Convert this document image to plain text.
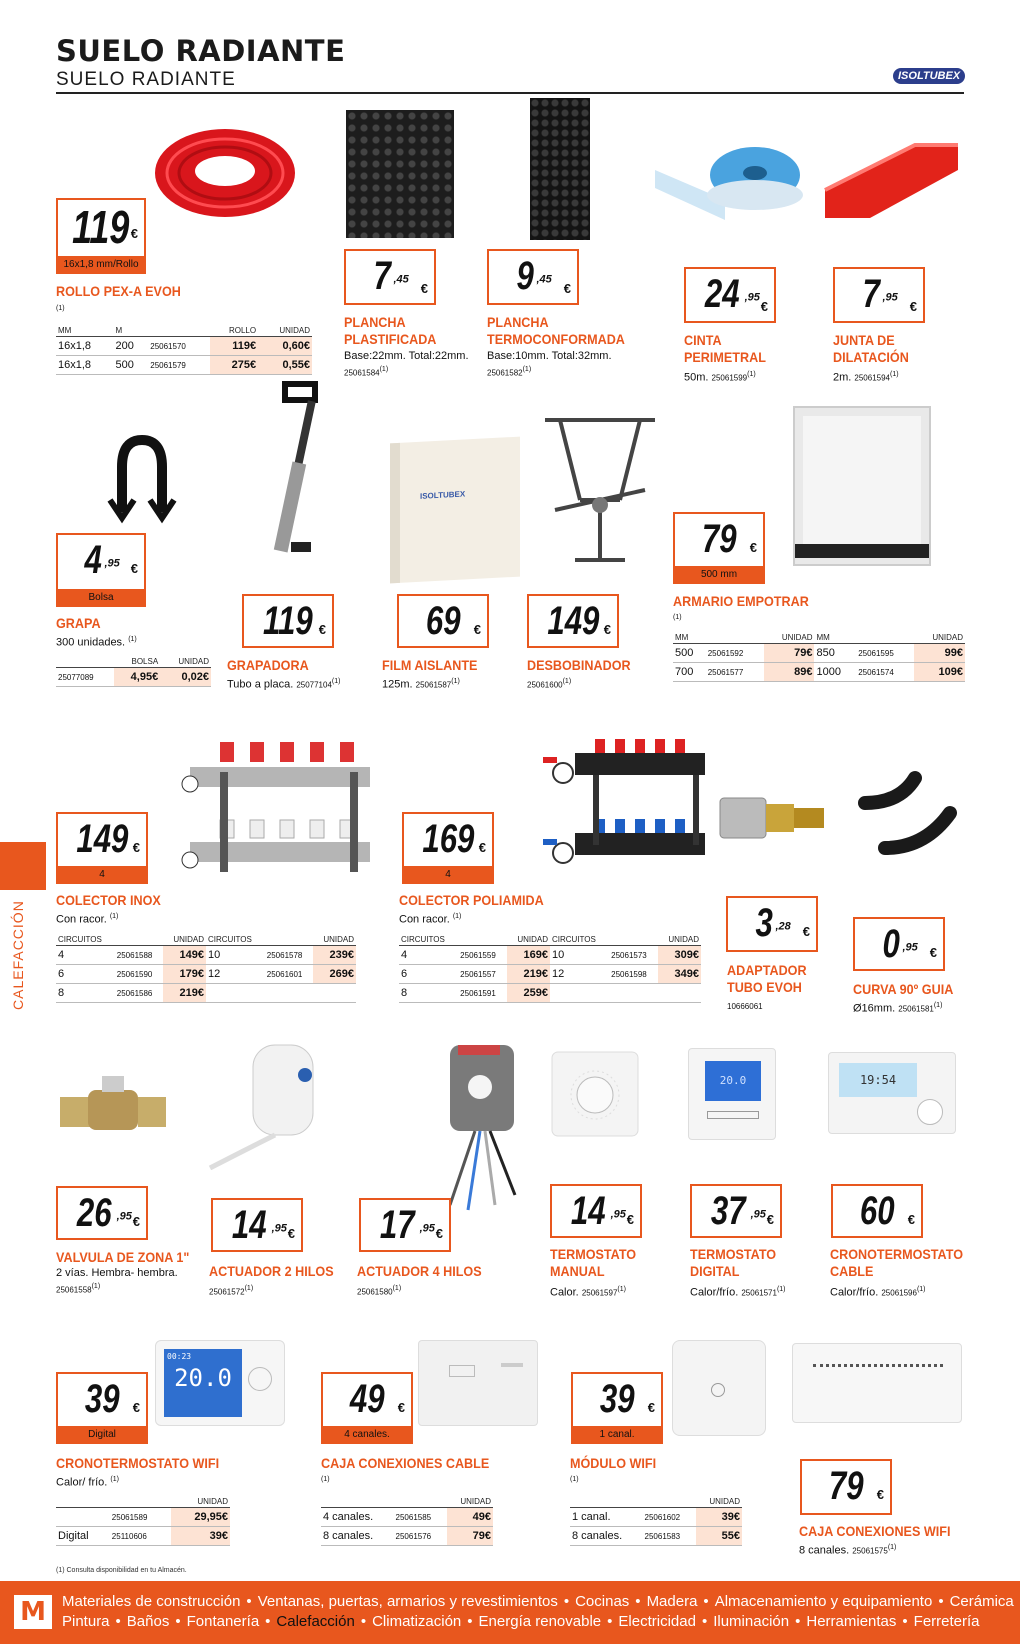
SUELO RADIANTE
SUELO RADIANTE	ISOLTUBEX
119 €
16x1,8 mm/Rollo
ROLLO PEX-A EVOH
(1)
MM	M		ROLLO	UNIDAD
16x1,8	200	25061570	119€	0,60€
16x1,8	500	25061579	275€	0,55€
7 $^{,45}$
€
PLANCHA
PLASTIFICADA
Base:22mm. Total:22mm.
25061584$^{(1)}$
9 $^{,45}$
€
PLANCHA
TERMOCONFORMADA
Base:10mm. Total:32mm.
25061582$^{(1)}$
24 $^{,95}$
€
CINTA
PERIMETRAL
50m. 25061599$^{(1)}$
7 $^{,95}$
€
JUNTA DE
DILATACIÓN
2m. 25061594$^{(1)}$
4 $^{,95}$ €
Bolsa
GRAPA
300 unidades. $^{(1)}$
	BOLSA	UNIDAD
25077089	4,95€	0,02€
119 €
GRAPADORA
Tubo a placa. 25077104$^{(1)}$
ISOLTUBEX
69 €
FILM AISLANTE
125m. 25061587$^{(1)}$
149 €
DESBOBINADOR
25061600$^{(1)}$
79 €
500 mm
ARMARIO EMPOTRAR
(1)
MM		UNIDAD	MM		UNIDAD
500	25061592	79€	850	25061595	99€
700	25061577	89€	1000	25061574	109€
CALEFACCIÓN
149 €
4
COLECTOR INOX
Con racor. $^{(1)}$
CIRCUITOS		UNIDAD	CIRCUITOS		UNIDAD
4	25061588	149€	10	25061578	239€
6	25061590	179€	12	25061601	269€
8	25061586	219€			
169 €
4
COLECTOR POLIAMIDA
Con racor. $^{(1)}$
CIRCUITOS		UNIDAD	CIRCUITOS		UNIDAD
4	25061559	169€	10	25061573	309€
6	25061557	219€	12	25061598	349€
8	25061591	259€			
3 $^{,28}$ €
ADAPTADOR
TUBO EVOH
10666061
0 $^{,95}$ €
CURVA 90º GUIA
Ø16mm. 25061581$^{(1)}$
26 $^{,95}$ €
VALVULA DE ZONA 1"
2 vías. Hembra- hembra.
25061558$^{(1)}$
14 $^{,95}$ €
ACTUADOR 2 HILOS
25061572$^{(1)}$
17 $^{,95}$ €
ACTUADOR 4 HILOS
25061580$^{(1)}$
14 $^{,95}$ €
TERMOSTATO
MANUAL
Calor. 25061597$^{(1)}$
20.0
37 $^{,95}$ €
TERMOSTATO
DIGITAL
Calor/frío. 25061571$^{(1)}$
19:54
60 €
CRONOTERMOSTATO
CABLE
Calor/frío. 25061596$^{(1)}$
00:23
20.0
39 €
Digital
CRONOTERMOSTATO WIFI
Calor/ frío. $^{(1)}$
		UNIDAD
	25061589	29,95€
Digital	25110606	39€
49 €
4 canales.
CAJA CONEXIONES CABLE
(1)
		UNIDAD
4 canales.	25061585	49€
8 canales.	25061576	79€
39 €
1 canal.
MÓDULO WIFI
(1)
		UNIDAD
1 canal.	25061602	39€
8 canales.	25061583	55€
79 €
CAJA CONEXIONES WIFI
8 canales. 25061575$^{(1)}$
(1) Consulta disponibilidad en tu Almacén.
M	Materiales de construcción • Ventanas, puertas, armarios y revestimientos • Cocinas • Madera • Almacenamiento y equipamiento • Cerámica
Pintura • Baños • Fontanería • Calefacción • Climatización • Energía renovable • Electricidad • Iluminación • Herramientas • Ferretería
